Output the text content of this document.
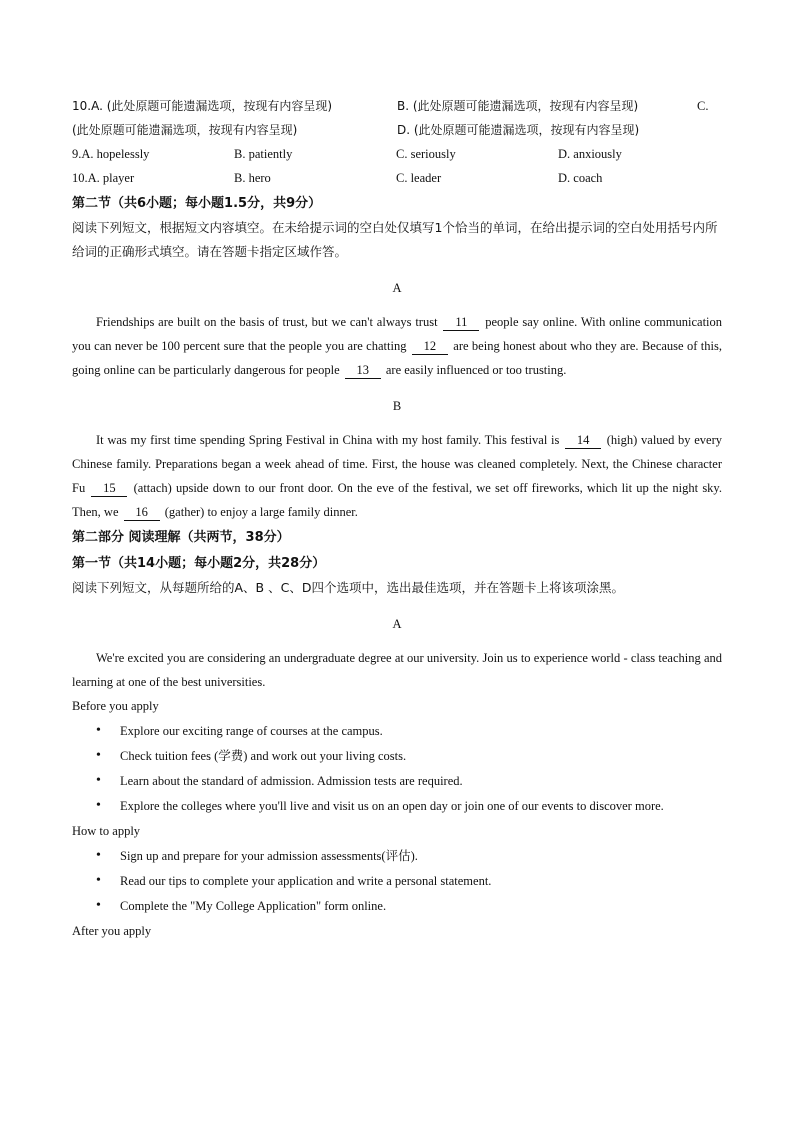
10.A. (此处原题可能遗漏选项，按现有内容呈现)	B. (此处原题可能遗漏选项，按现有内容呈现)	C.
(此处原题可能遗漏选项，按现有内容呈现)	D. (此处原题可能遗漏选项，按现有内容呈现)
9.A. hopelessly	B. patiently	C. seriously	D. anxiously
10.A. player	B. hero	C. leader	D. coach
第二节（共6小题；每小题1.5分，共9分）
阅读下列短文，根据短文内容填空。在未给提示词的空白处仅填写1个恰当的单词，在给出提示词的空白处用括号内所给词的正确形式填空。请在答题卡指定区域作答。
A
Friendships are built on the basis of trust, but we can't always trust 11 people say online. With online communication you can never be 100 percent sure that the people you are chatting 12 are being honest about who they are. Because of this, going online can be particularly dangerous for people 13 are easily influenced or too trusting.
B
It was my first time spending Spring Festival in China with my host family. This festival is 14 (high) valued by every Chinese family. Preparations began a week ahead of time. First, the house was cleaned completely. Next, the Chinese character Fu 15 (attach) upside down to our front door. On the eve of the festival, we set off fireworks, which lit up the night sky. Then, we 16 (gather) to enjoy a large family dinner.
第二部分 阅读理解（共两节，38分）
第一节（共14小题；每小题2分，共28分）
阅读下列短文，从每题所给的A、B 、C、D四个选项中，选出最佳选项，并在答题卡上将该项涂黑。
A
We're excited you are considering an undergraduate degree at our university. Join us to experience world - class teaching and learning at one of the best universities.
Before you apply
• Explore our exciting range of courses at the campus.
• Check tuition fees (学费) and work out your living costs.
• Learn about the standard of admission. Admission tests are required.
• Explore the colleges where you'll live and visit us on an open day or join one of our events to discover more.
How to apply
• Sign up and prepare for your admission assessments(评估).
• Read our tips to complete your application and write a personal statement.
• Complete the "My College Application" form online.
After you apply
